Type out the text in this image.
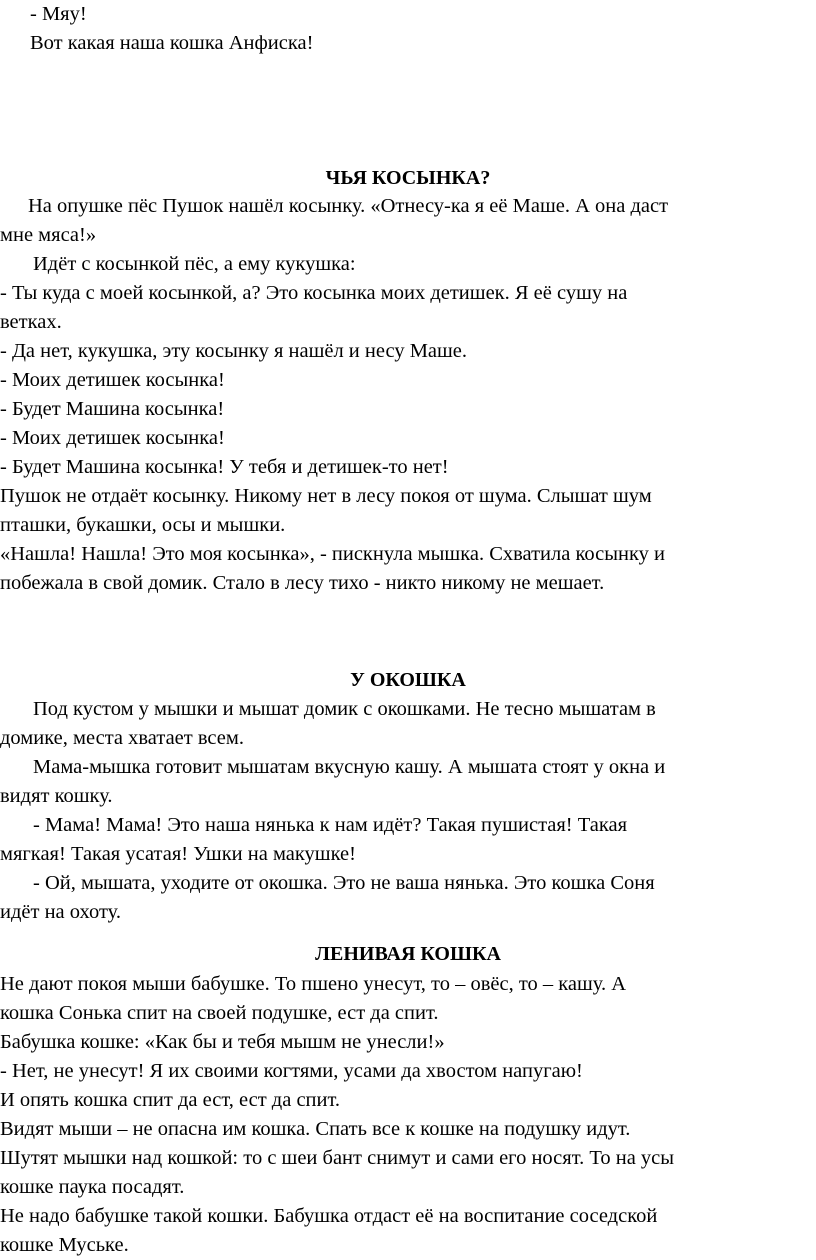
- Мяу!
Вот какая наша кошка Анфиска!
ЧЬЯ КОСЫНКА?
На опушке пёс Пушок нашёл косынку. «Отнесу-ка я её Маше. А она даст
мне мяса!»
Идёт с косынкой пёс, а ему кукушка:
- Ты куда с моей косынкой, а? Это косынка моих детишек. Я её сушу на
ветках.
- Да нет, кукушка, эту косынку я нашёл и несу Маше.
- Моих детишек косынка!
- Будет Машина косынка!
- Моих детишек косынка!
- Будет Машина косынка! У тебя и детишек-то нет!
Пушок не отдаёт косынку. Никому нет в лесу покоя от шума. Слышат шум
пташки, букашки, осы и мышки.
«Нашла! Нашла! Это моя косынка», - пискнула мышка. Схватила косынку и
побежала в свой домик. Стало в лесу тихо - никто никому не мешает.
У ОКОШКА
Под кустом у мышки и мышат домик с окошками. Не тесно мышатам в
домике, места хватает всем.
Мама-мышка готовит мышатам вкусную кашу. А мышата стоят у окна и
видят кошку.
- Мама! Мама! Это наша нянька к нам идёт? Такая пушистая! Такая
мягкая! Такая усатая! Ушки на макушке!
- Ой, мышата, уходите от окошка. Это не ваша нянька. Это кошка Соня
идёт на охоту.
ЛЕНИВАЯ КОШКА
Не дают покоя мыши бабушке. То пшено унесут, то – овёс, то – кашу. А
кошка Сонька спит на своей подушке, ест да спит.
Бабушка кошке: «Как бы и тебя мышм не унесли!»
- Нет, не унесут! Я их своими когтями, усами да хвостом напугаю!
И опять кошка спит да ест, ест да спит.
Видят мыши – не опасна им кошка. Спать все к кошке на подушку идут.
Шутят мышки над кошкой: то с шеи бант снимут и сами его носят. То на усы
кошке паука посадят.
Не надо бабушке такой кошки. Бабушка отдаст её на воспитание соседской
кошке Муське.
